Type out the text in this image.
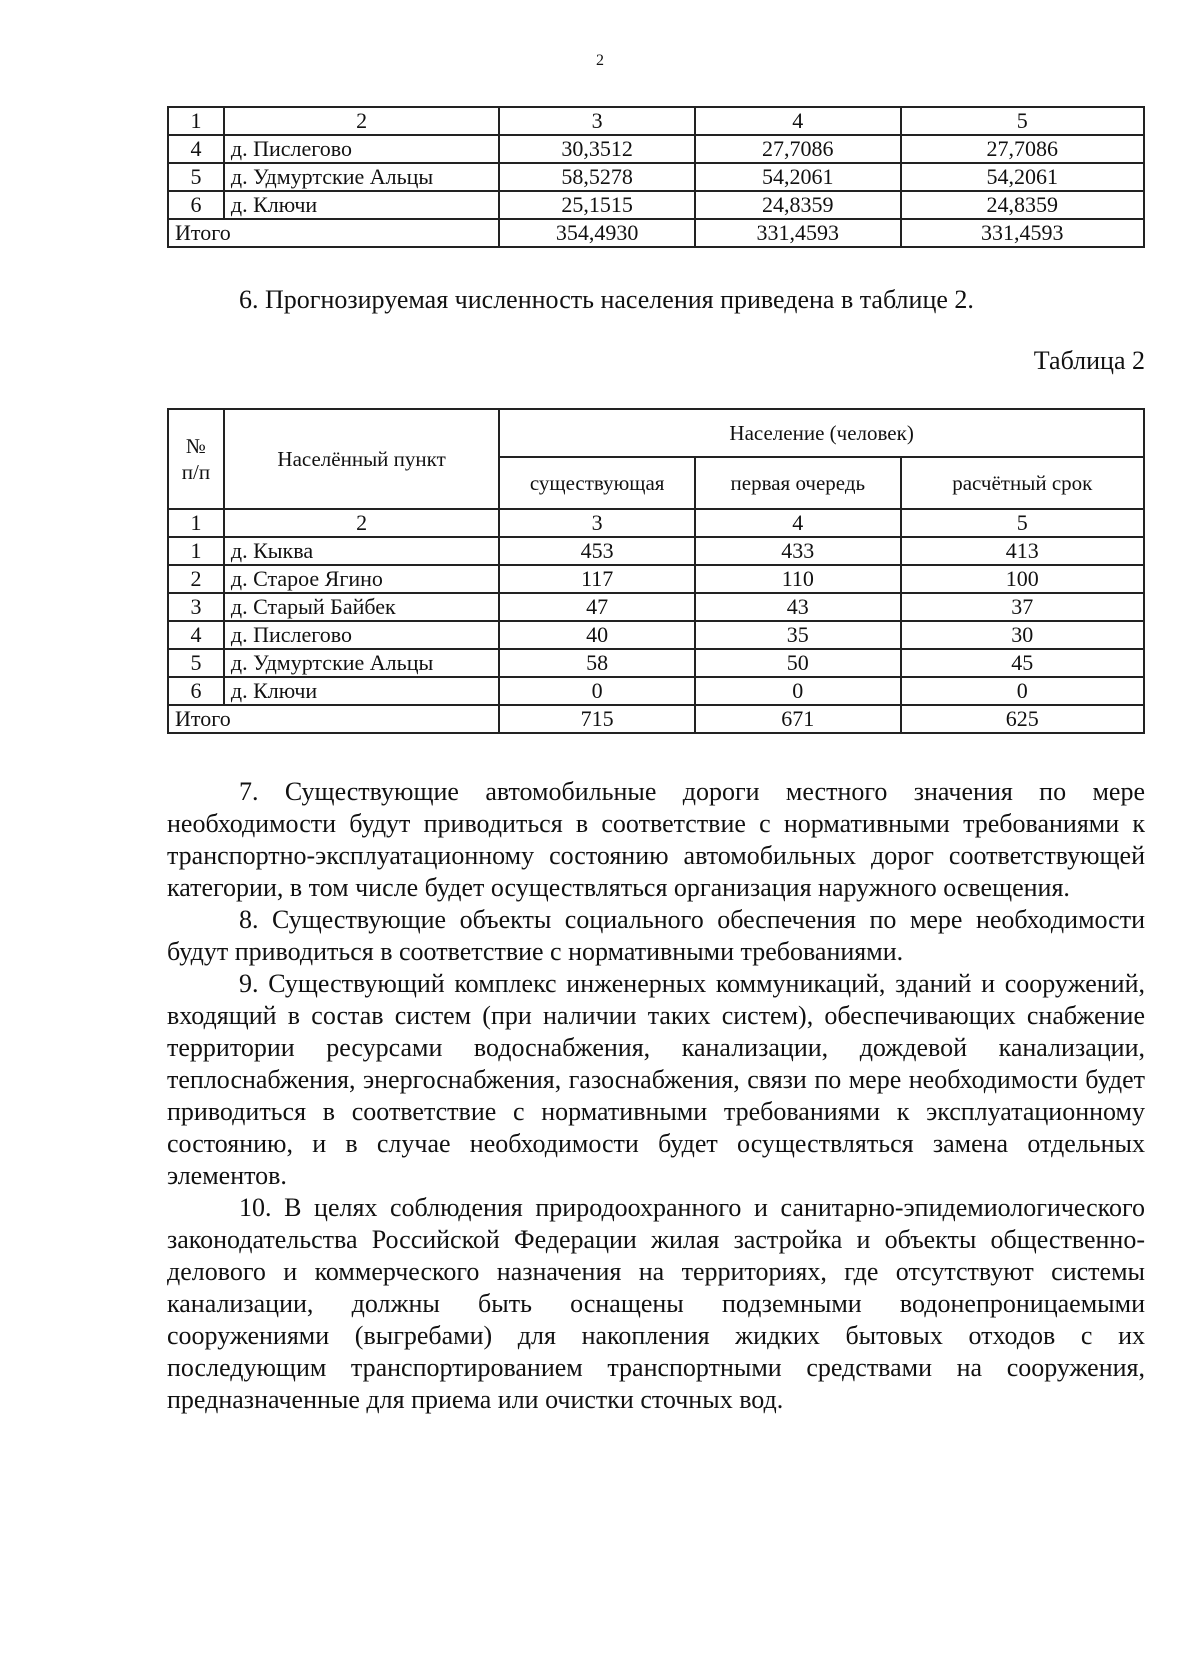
2
1	2	3	4	5
4	д. Пислегово	30,3512	27,7086	27,7086
5	д. Удмуртские Альцы	58,5278	54,2061	54,2061
6	д. Ключи	25,1515	24,8359	24,8359
Итого		354,4930	331,4593	331,4593

6. Прогнозируемая численность населения приведена в таблице 2.

Таблица 2
№ п/п	Населённый пункт	Население (человек)		
		существующая	первая очередь	расчётный срок
1	2	3	4	5
1	д. Кыква	453	433	413
2	д. Старое Ягино	117	110	100
3	д. Старый Байбек	47	43	37
4	д. Пислегово	40	35	30
5	д. Удмуртские Альцы	58	50	45
6	д. Ключи	0	0	0
Итого		715	671	625

7. Существующие автомобильные дороги местного значения по мере необходимости будут приводиться в соответствие с нормативными требованиями к транспортно-эксплуатационному состоянию автомобильных дорог соответствующей категории, в том числе будет осуществляться организация наружного освещения.

8. Существующие объекты социального обеспечения по мере необходимости будут приводиться в соответствие с нормативными требованиями.

9. Существующий комплекс инженерных коммуникаций, зданий и сооружений, входящий в состав систем (при наличии таких систем), обеспечивающих снабжение территории ресурсами водоснабжения, канализации, дождевой канализации, теплоснабжения, энергоснабжения, газоснабжения, связи по мере необходимости будет приводиться в соответствие с нормативными требованиями к эксплуатационному состоянию, и в случае необходимости будет осуществляться замена отдельных элементов.

10. В целях соблюдения природоохранного и санитарно-эпидемиологического законодательства Российской Федерации жилая застройка и объекты общественно-делового и коммерческого назначения на территориях, где отсутствуют системы канализации, должны быть оснащены подземными водонепроницаемыми сооружениями (выгребами) для накопления жидких бытовых отходов с их последующим транспортированием транспортными средствами на сооружения, предназначенные для приема или очистки сточных вод.
